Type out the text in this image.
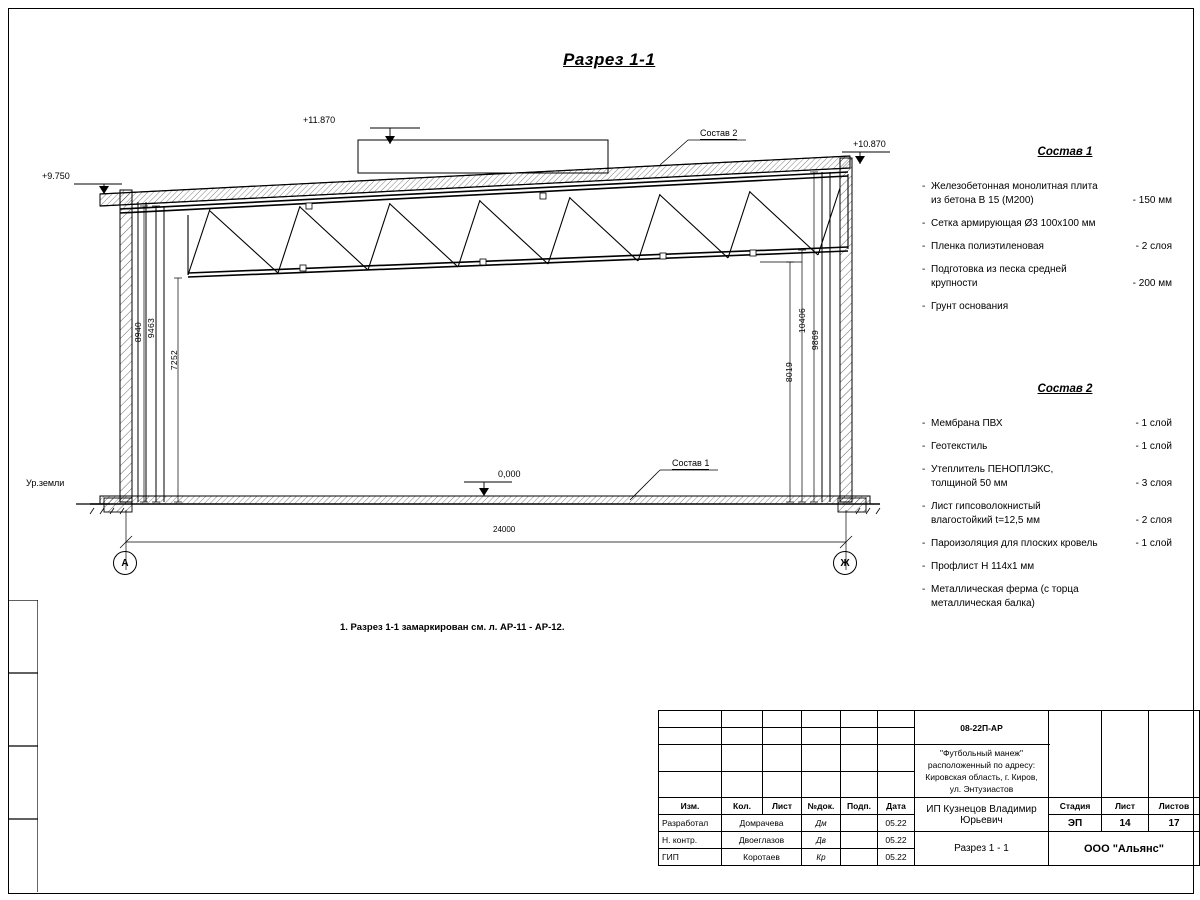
Разрез 1-1
+11.870
+10.870
+9.750
0,000
Ур.земли
Состав 2
Состав 1
8940 9463
7252
8019
10406
9869
24000
А	Ж
1. Разрез 1-1 замаркирован см. л. АР-11 - АР-12.
Состав 1
- Железобетонная монолитная плита из бетона В 15 (М200)	- 150 мм
- Сетка армирующая Ø3 100х100 мм
- Пленка полиэтиленовая	- 2 слоя
- Подготовка из песка средней крупности	- 200 мм
- Грунт основания
Состав 2
- Мембрана ПВХ	- 1 слой
- Геотекстиль	- 1 слой
- Утеплитель ПЕНОПЛЭКС, толщиной 50 мм	- 3 слоя
- Лист гипсоволокнистый влагостойкий t=12,5 мм	- 2 слоя
- Пароизоляция для плоских кровель	- 1 слой
- Профлист Н 114х1 мм
- Металлическая ферма (с торца металлическая балка)
						08-22П-АР			

						"Футбольный манеж" расположенный по адресу:
Кировская область, г. Киров, ул. Энтузиастов			

Изм.	Кол.	Лист	№док.	Подп.	Дата	ИП Кузнецов Владимир Юрьевич	Стадия	Лист	Листов
Разработал	Домрачева		Дм		05.22		ЭП	14	17
Н. контр.	Двоеглазов		Дв		05.22	Разрез 1 - 1	ООО "Альянс"		
ГИП	Коротаев		Кр		05.22				
